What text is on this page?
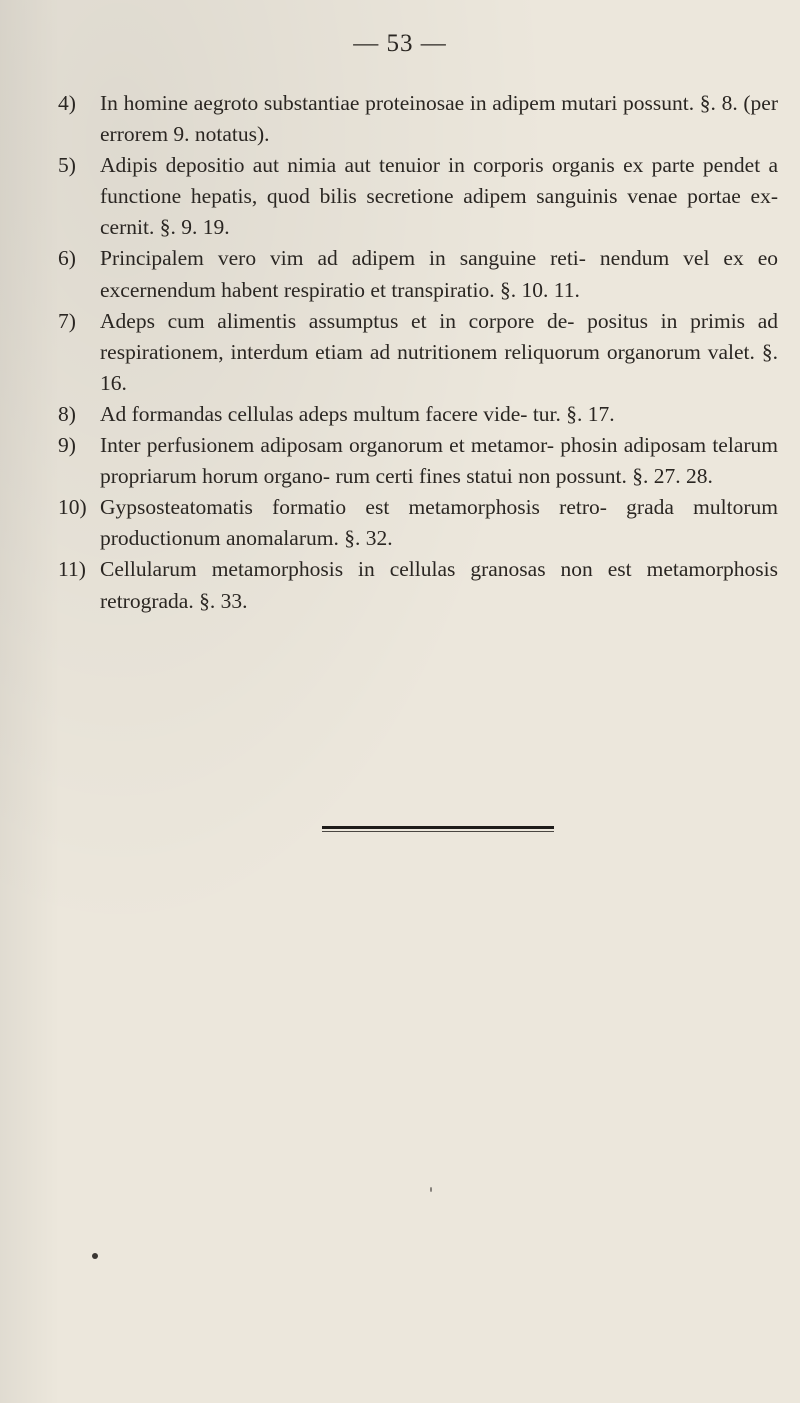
— 53 —
4)	In homine aegroto substantiae proteinosae in adipem mutari possunt. §. 8. (per errorem 9. notatus).
5)	Adipis depositio aut nimia aut tenuior in corporis organis ex parte pendet a functione hepatis, quod bilis secretione adipem sanguinis venae portae ex- cernit. §. 9. 19.
6)	Principalem vero vim ad adipem in sanguine reti- nendum vel ex eo excernendum habent respiratio et transpiratio. §. 10. 11.
7)	Adeps cum alimentis assumptus et in corpore de- positus in primis ad respirationem, interdum etiam ad nutritionem reliquorum organorum valet. §. 16.
8)	Ad formandas cellulas adeps multum facere vide- tur. §. 17.
9)	Inter perfusionem adiposam organorum et metamor- phosin adiposam telarum propriarum horum organo- rum certi fines statui non possunt. §. 27. 28.
10) Gypsosteatomatis formatio est metamorphosis retro- grada multorum productionum anomalarum. §. 32.
11) Cellularum metamorphosis in cellulas granosas non est metamorphosis retrograda. §. 33.
